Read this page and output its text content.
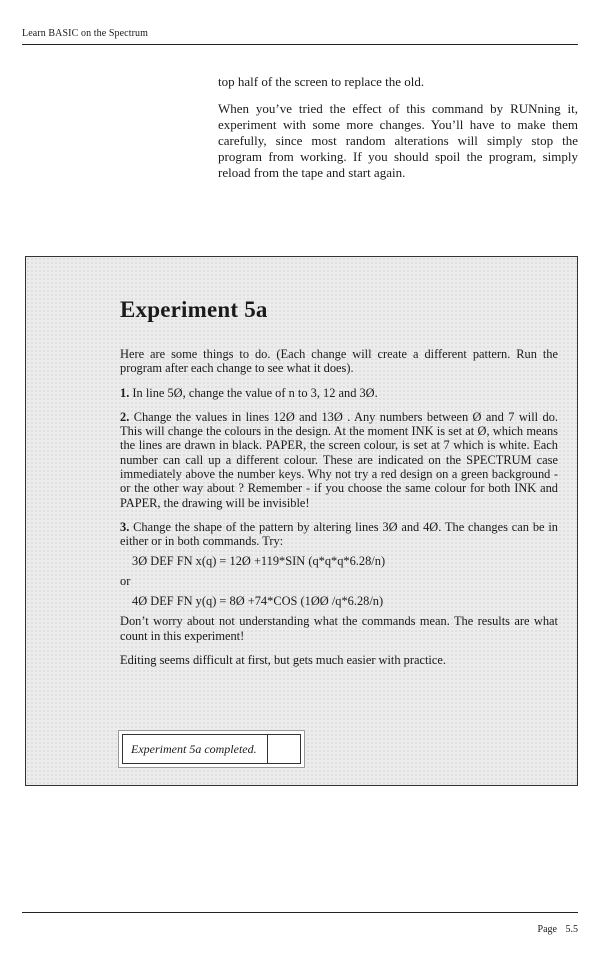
Learn BASIC on the Spectrum

top half of the screen to replace the old.

When you’ve tried the effect of this command by RUNning it, experiment with some more changes. You’ll have to make them carefully, since most random alterations will simply stop the program from working. If you should spoil the program, simply reload from the tape and start again.

Experiment 5a

Here are some things to do. (Each change will create a different pattern. Run the program after each change to see what it does).

1. In line 5Ø, change the value of n to 3, 12 and 3Ø.

2. Change the values in lines 12Ø and 13Ø . Any numbers between Ø and 7 will do. This will change the colours in the design. At the moment INK is set at Ø, which means the lines are drawn in black. PAPER, the screen colour, is set at 7 which is white. Each number can call up a different colour. These are indicated on the SPECTRUM case immediately above the number keys. Why not try a red design on a green background - or the other way about ? Remember - if you choose the same colour for both INK and PAPER, the drawing will be invisible!

3. Change the shape of the pattern by altering lines 3Ø and 4Ø. The changes can be in either or in both commands. Try:

3Ø DEF FN x(q) = 12Ø +119*SIN (q*q*q*6.28/n)

or

4Ø DEF FN y(q) = 8Ø +74*COS (1ØØ /q*6.28/n)

Don’t worry about not understanding what the commands mean. The results are what count in this experiment!

Editing seems difficult at first, but gets much easier with practice.

Experiment 5a completed.
Page 5.5
